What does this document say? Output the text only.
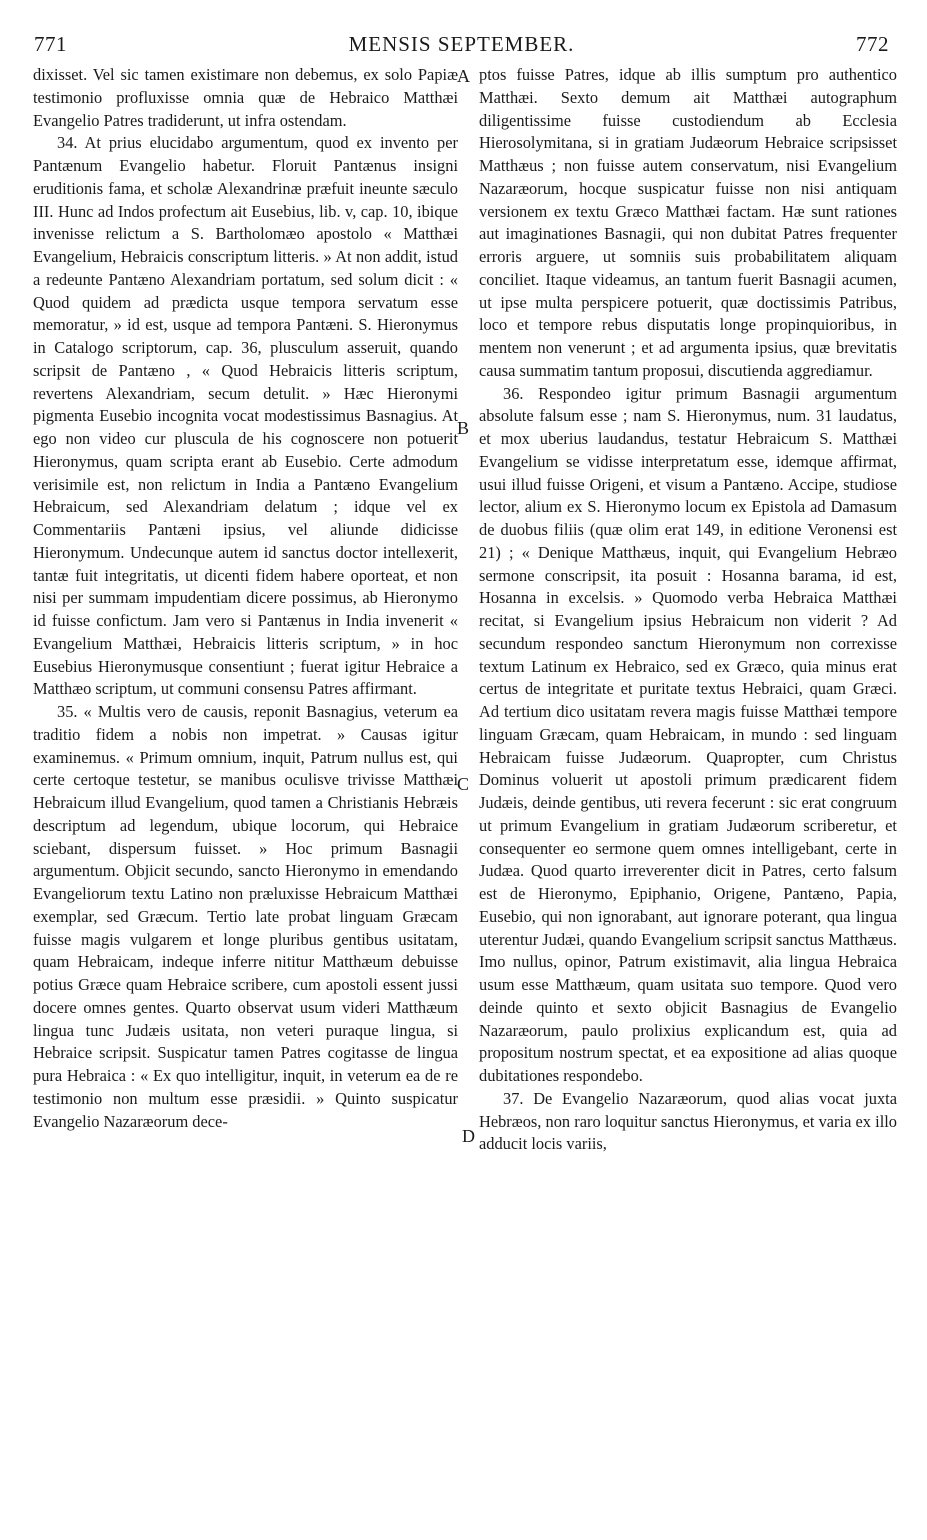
771	MENSIS SEPTEMBER.	772

dixisset. Vel sic tamen existimare non debemus, ex solo Papiæ testimonio profluxisse omnia quæ de Hebraico Matthæi Evangelio Patres tradiderunt, ut infra ostendam.

34. At prius elucidabo argumentum, quod ex invento per Pantænum Evangelio habetur. Floruit Pantænus insigni eruditionis fama, et scholæ Alexandrinæ præfuit ineunte sæculo III. Hunc ad Indos profectum ait Eusebius, lib. v, cap. 10, ibique invenisse relictum a S. Bartholomæo apostolo « Matthæi Evangelium, Hebraicis conscriptum litteris. » At non addit, istud a redeunte Pantæno Alexandriam portatum, sed solum dicit : « Quod quidem ad prædicta usque tempora servatum esse memoratur, » id est, usque ad tempora Pantæni. S. Hieronymus in Catalogo scriptorum, cap. 36, plusculum asseruit, quando scripsit de Pantæno , « Quod Hebraicis litteris scriptum, revertens Alexandriam, secum detulit. » Hæc Hieronymi pigmenta Eusebio incognita vocat modestissimus Basnagius. At ego non video cur plusculа de his cognoscere non potuerit Hieronymus, quam scripta erant ab Eusebio. Certe admodum verisimile est, non relictum in India a Pantæno Evangelium Hebraicum, sed Alexandriam delatum ; idque vel ex Commentariis Pantæni ipsius, vel aliunde didicisse Hieronymum. Undecunque autem id sanctus doctor intellexerit, tantæ fuit integritatis, ut dicenti fidem habere oporteat, et non nisi per summam impudentiam dicere possimus, ab Hieronymo id fuisse confictum. Jam vero si Pantænus in India invenerit « Evangelium Matthæi, Hebraicis litteris scriptum, » in hoc Eusebius Hieronymusque consentiunt ; fuerat igitur Hebraice a Matthæo scriptum, ut communi consensu Patres affirmant.

35. « Multis vero de causis, reponit Basnagius, veterum ea traditio fidem a nobis non impetrat. » Causas igitur examinemus. « Primum omnium, inquit, Patrum nullus est, qui certe certoque testetur, se manibus oculisve trivisse Matthæi Hebraicum illud Evangelium, quod tamen a Christianis Hebræis descriptum ad legendum, ubique locorum, qui Hebraice sciebant, dispersum fuisset. » Hoc primum Basnagii argumentum. Objicit secundo, sancto Hieronymo in emendando Evangeliorum textu Latino non præluxisse Hebraicum Matthæi exemplar, sed Græcum. Tertio late probat linguam Græcam fuisse magis vulgarem et longe pluribus gentibus usitatam, quam Hebraicam, indeque inferre nititur Matthæum debuisse potius Græce quam Hebraice scribere, cum apostoli essent jussi docere omnes gentes. Quarto observat usum videri Matthæum lingua tunc Judæis usitata, non veteri puraque lingua, si Hebraice scripsit. Suspicatur tamen Patres cogitasse de lingua pura Hebraica : « Ex quo intelligitur, inquit, in veterum ea de re testimonio non multum esse præsidii. » Quinto suspicatur Evangelio Nazaræorum dece-

A
B
C
D

ptos fuisse Patres, idque ab illis sumptum pro authentico Matthæi. Sexto demum ait Matthæi autographum diligentissime fuisse custodiendum ab Ecclesia Hierosolymitana, si in gratiam Judæorum Hebraice scripsisset Matthæus ; non fuisse autem conservatum, nisi Evangelium Nazaræorum, hocque suspicatur fuisse non nisi antiquam versionem ex textu Græco Matthæi factam. Hæ sunt rationes aut imaginationes Basnagii, qui non dubitat Patres frequenter erroris arguere, ut somniis suis probabilitatem aliquam conciliet. Itaque videamus, an tantum fuerit Basnagii acumen, ut ipse multa perspicere potuerit, quæ doctissimis Patribus, loco et tempore rebus disputatis longe propinquioribus, in mentem non venerunt ; et ad argumenta ipsius, quæ brevitatis causa summatim tantum proposui, discutienda aggrediamur.

36. Respondeo igitur primum Basnagii argumentum absolute falsum esse ; nam S. Hieronymus, num. 31 laudatus, et mox uberius laudandus, testatur Hebraicum S. Matthæi Evangelium se vidisse interpretatum esse, idemque affirmat, usui illud fuisse Origeni, et visum a Pantæno. Accipe, studiose lector, alium ex S. Hieronymo locum ex Epistola ad Damasum de duobus filiis (quæ olim erat 149, in editione Veronensi est 21) ; « Denique Matthæus, inquit, qui Evangelium Hebræo sermone conscripsit, ita posuit : Hosanna barama, id est, Hosanna in excelsis. » Quomodo verba Hebraica Matthæi recitat, si Evangelium ipsius Hebraicum non viderit ? Ad secundum respondeo sanctum Hieronymum non correxisse textum Latinum ex Hebraico, sed ex Græco, quia minus erat certus de integritate et puritate textus Hebraici, quam Græci. Ad tertium dico usitatam revera magis fuisse Matthæi tempore linguam Græcam, quam Hebraicam, in mundo : sed linguam Hebraicam fuisse Judæorum. Quapropter, cum Christus Dominus voluerit ut apostoli primum prædicarent fidem Judæis, deinde gentibus, uti revera fecerunt : sic erat congruum ut primum Evangelium in gratiam Judæorum scriberetur, et consequenter eo sermone quem omnes intelligebant, certe in Judæa. Quod quarto irreverenter dicit in Patres, certo falsum est de Hieronymo, Epiphanio, Origene, Pantæno, Papia, Eusebio, qui non ignorabant, aut ignorare poterant, qua lingua uterentur Judæi, quando Evangelium scripsit sanctus Matthæus. Imo nullus, opinor, Patrum existimavit, alia lingua Hebraica usum esse Matthæum, quam usitata suo tempore. Quod vero deinde quinto et sexto objicit Basnagius de Evangelio Nazaræorum, paulo prolixius explicandum est, quia ad propositum nostrum spectat, et ea expositione ad alias quoque dubitationes respondebo.

37. De Evangelio Nazaræorum, quod alias vocat juxta Hebræos, non raro loquitur sanctus Hieronymus, et varia ex illo adducit locis variis,
